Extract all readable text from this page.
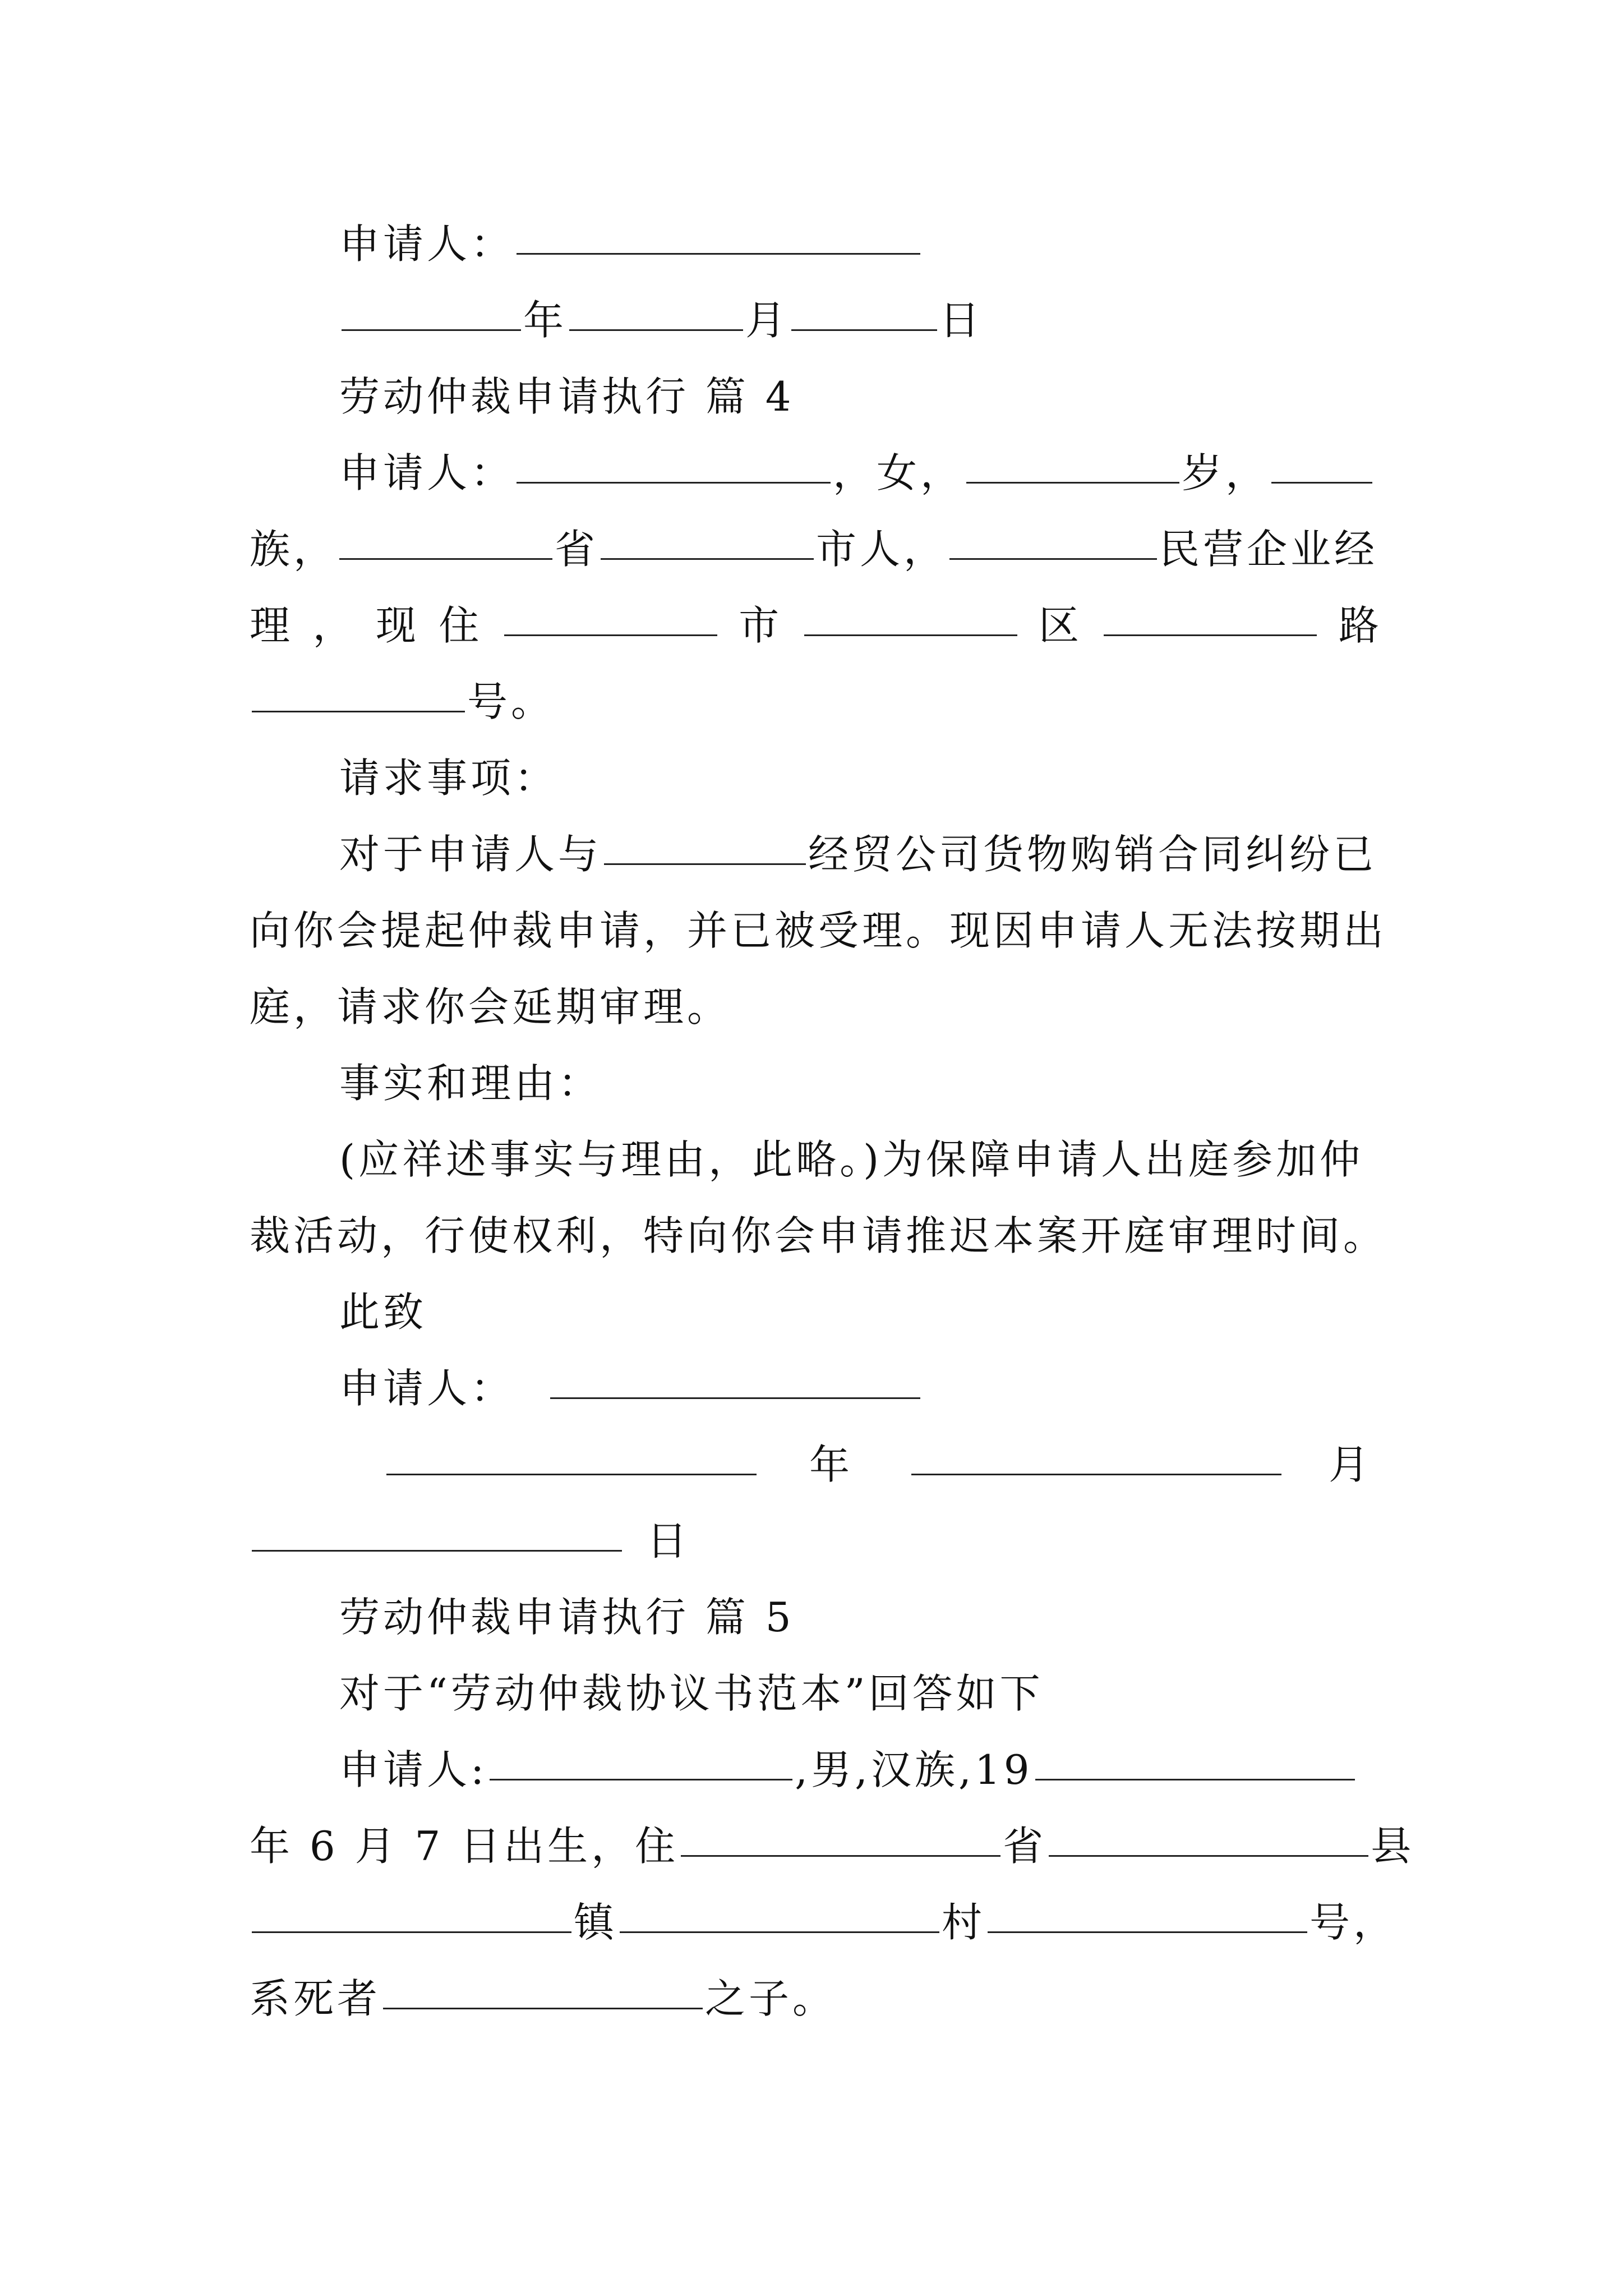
申请人：
年	月	日
劳动仲裁申请执行 篇 4
申请人：	，女，	岁，
族，	省	市人，	民营企业经
理 ， 现 住	市	区	路
号。
请求事项：
对于申请人与	经贸公司货物购销合同纠纷已
向你会提起仲裁申请，并已被受理。现因申请人无法按期出
庭，请求你会延期审理。
事实和理由：
(应祥述事实与理由，此略。)为保障申请人出庭参加仲
裁活动，行使权利，特向你会申请推迟本案开庭审理时间。
此致
申请人：
年	月
日
劳动仲裁申请执行 篇 5
对于“劳动仲裁协议书范本”回答如下
申请人:	,男,汉族,19
年 6 月 7 日出生，住	省	县
镇	村	号，
系死者	之子。
